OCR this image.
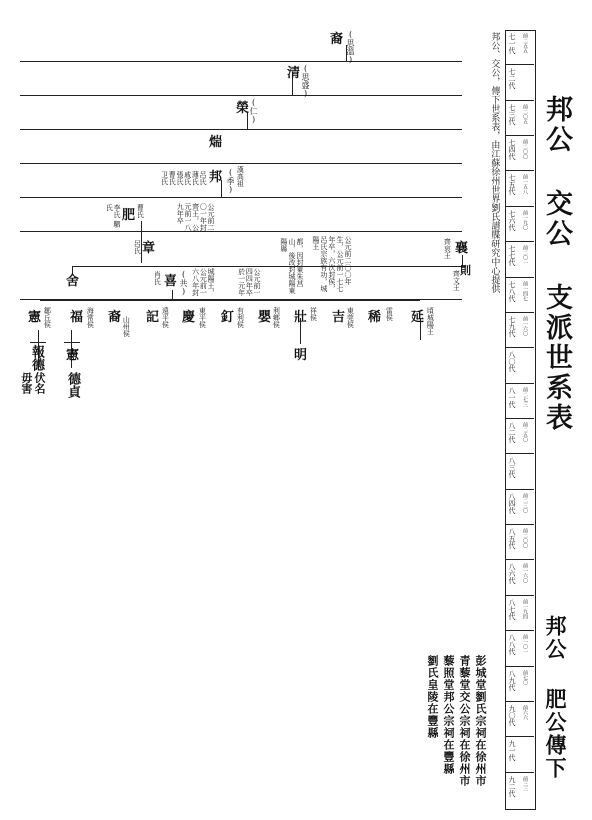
七一代 前二五五
七二代
七三代 前二〇五
七四代 前二〇〇
七五代 前一五八
七六代 前一九〇
七七代 前二〇一
七八代 前一四七
七九代 前一六〇
八〇代
八一代 前二七三
八二代 前二五〇
八三代
八四代 前二三〇
八五代 前二〇〇
八六代 前一六〇
八七代 前一九四
八八代 前一〇一
八九代 前七〇
九〇代 前六六
九一代
九二代 前三三
邦公 交公 支派世系表
邦公 肥公傳下
邦公、交公，傳下世系表，由江蘇徐州世界劉氏譜牒研究中心提供
彭城堂劉氏宗祠在徐州市
青藜堂交公宗祠在徐州市
藜照堂邦公宗祠在豐縣
劉氏皇陵在豐縣
裔 (思溫)
清 (思盛)
榮 (仁)
煓
邦 (季) 漢高祖
呂氏 薄氏 戚氏 張氏 曹氏 卫氏
肥 曹氏	公元前二〇一年封齊王，公元前一八九年卒
李氏 駟氏
章
呂氏	公元前二〇〇年生，公元前一七七年卒，六次封侯，呂氏宗族有功，城陽王
都，因封東朱莒山，後改封城陽東陽縣	襄
齊哀王
則
齊文王
舍	喜 (共)
肖氏	城陽王，公元前一六八年封	公元前一四四年卒於一元年
憲 鄒丘侯 福 海常侯 裔 山州侯 記 遠平侯 慶 東平侯 釘 有利侯 嬰 利鄉侯 壯 祥侯 吉 東莞侯 稀 雷侯 延 頃城陽王
報德
伏名毋害
憲
德貞
明
